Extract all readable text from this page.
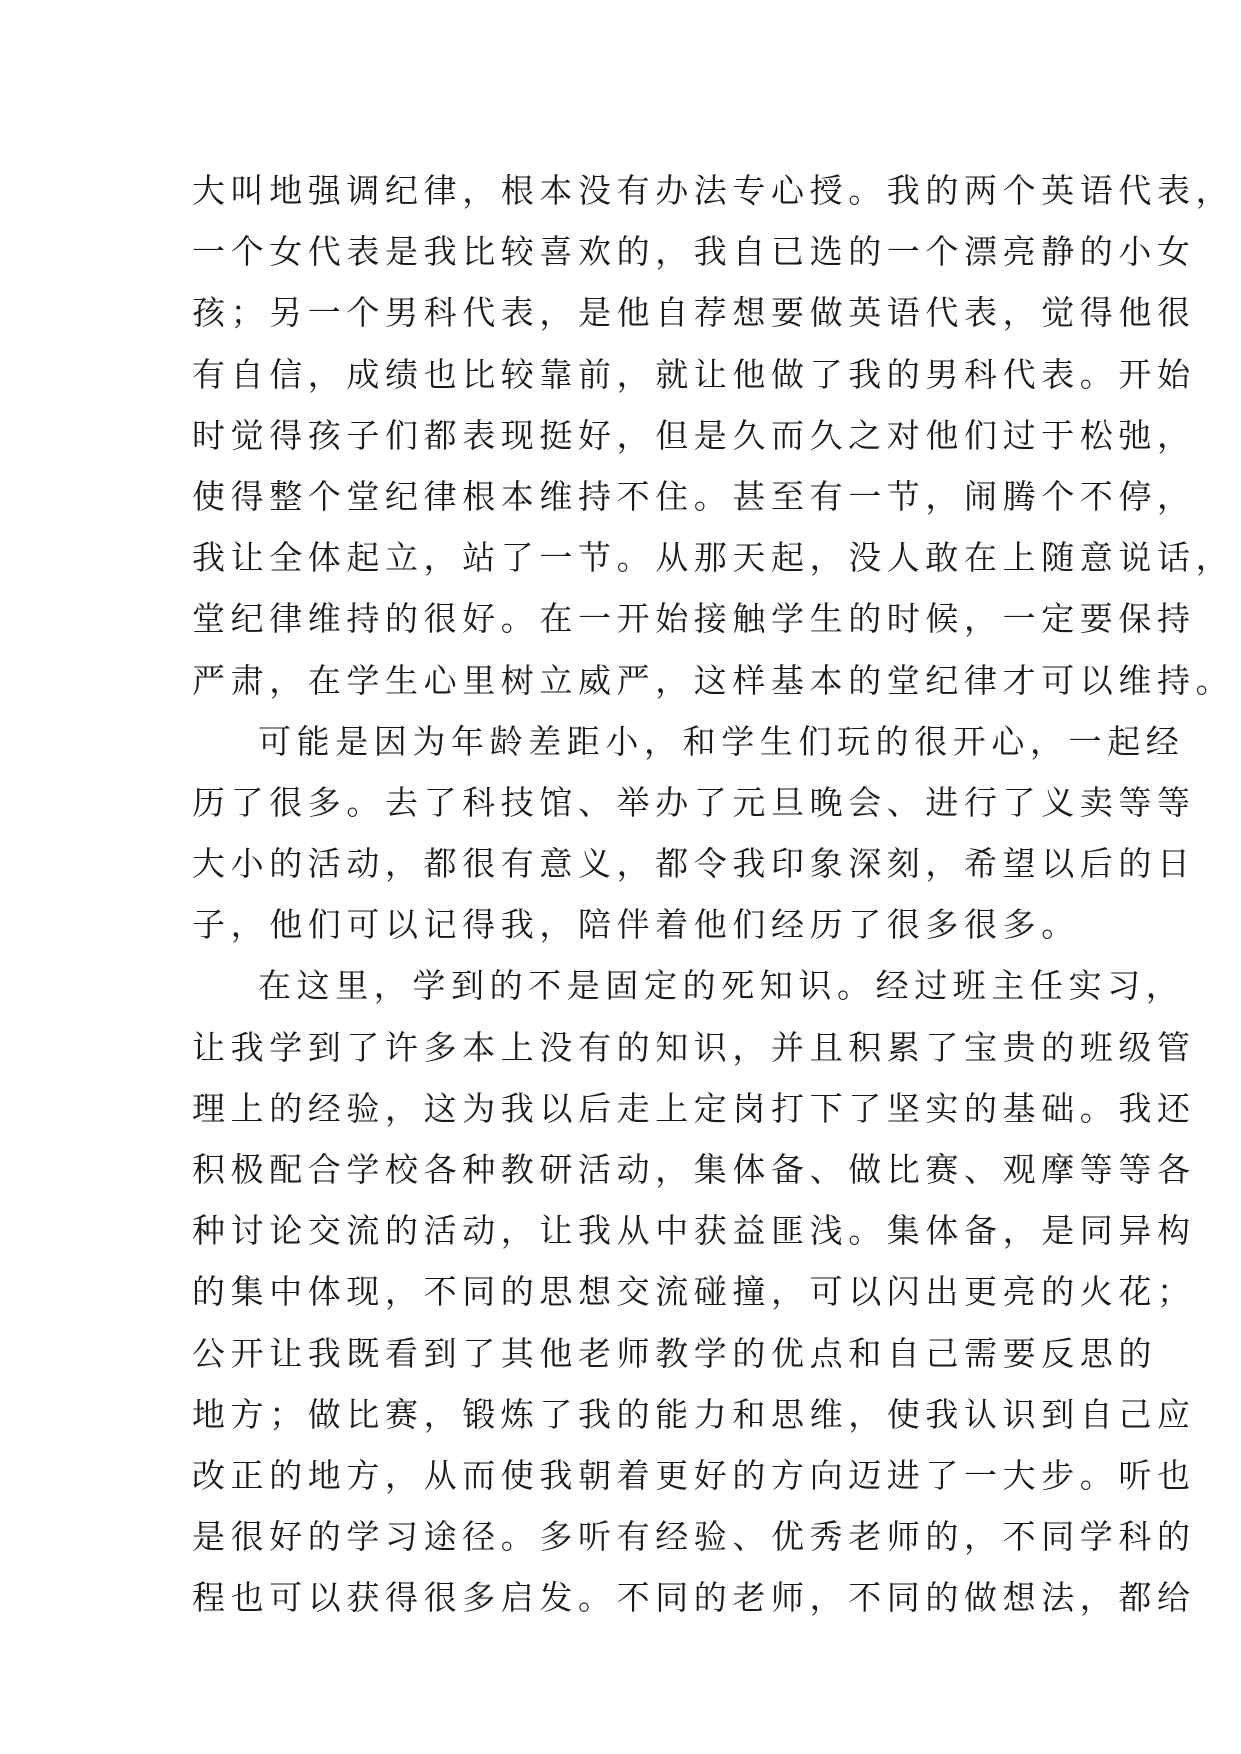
大叫地强调纪律，根本没有办法专心授。我的两个英语代表，
一个女代表是我比较喜欢的，我自已选的一个漂亮静的小女
孩；另一个男科代表，是他自荐想要做英语代表，觉得他很
有自信，成绩也比较靠前，就让他做了我的男科代表。开始
时觉得孩子们都表现挺好，但是久而久之对他们过于松弛，
使得整个堂纪律根本维持不住。甚至有一节，闹腾个不停，
我让全体起立，站了一节。从那天起，没人敢在上随意说话，
堂纪律维持的很好。在一开始接触学生的时候，一定要保持
严肃，在学生心里树立威严，这样基本的堂纪律才可以维持。
可能是因为年龄差距小，和学生们玩的很开心，一起经
历了很多。去了科技馆、举办了元旦晚会、进行了义卖等等
大小的活动，都很有意义，都令我印象深刻，希望以后的日
子，他们可以记得我，陪伴着他们经历了很多很多。
在这里，学到的不是固定的死知识。经过班主任实习，
让我学到了许多本上没有的知识，并且积累了宝贵的班级管
理上的经验，这为我以后走上定岗打下了坚实的基础。我还
积极配合学校各种教研活动，集体备、做比赛、观摩等等各
种讨论交流的活动，让我从中获益匪浅。集体备，是同异构
的集中体现，不同的思想交流碰撞，可以闪出更亮的火花；
公开让我既看到了其他老师教学的优点和自己需要反思的
地方；做比赛，锻炼了我的能力和思维，使我认识到自己应
改正的地方，从而使我朝着更好的方向迈进了一大步。听也
是很好的学习途径。多听有经验、优秀老师的，不同学科的
程也可以获得很多启发。不同的老师，不同的做想法，都给
